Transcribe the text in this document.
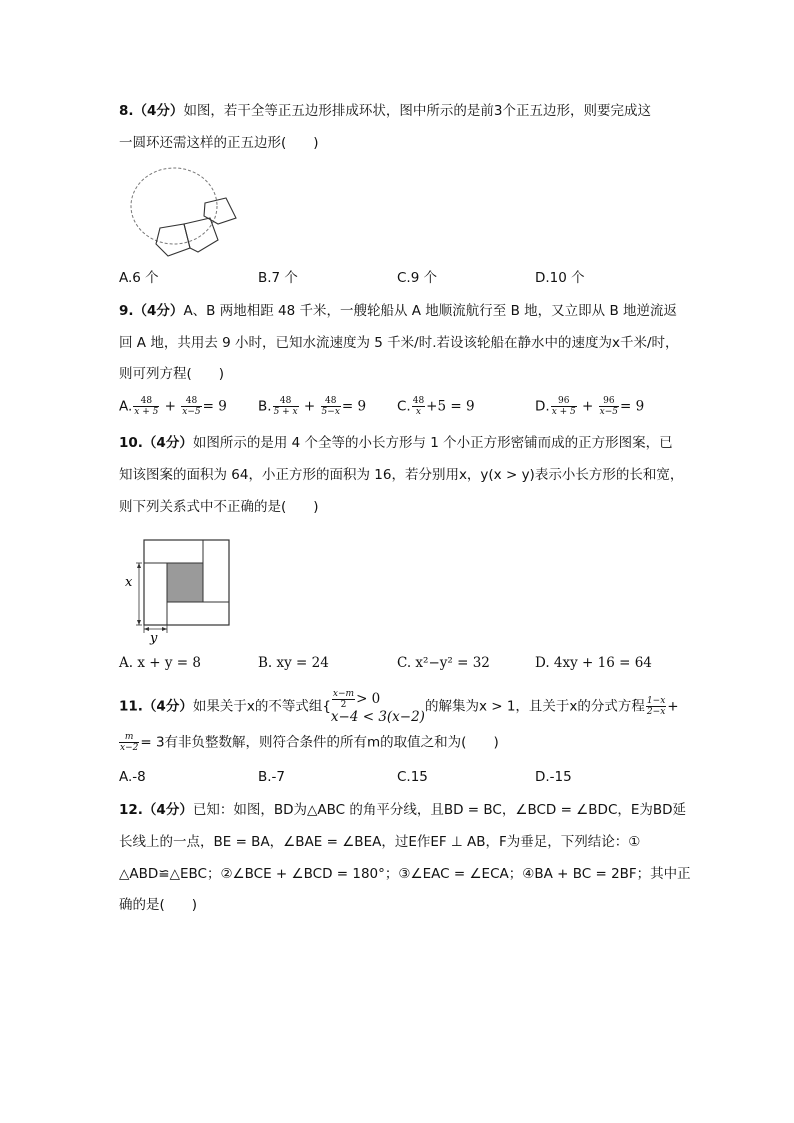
8.（4分）如图，若干全等正五边形排成环状，图中所示的是前3个正五边形，则要完成这
一圆环还需这样的正五边形(　　)
A.6 个	B.7 个	C.9 个	D.10 个
9.（4分）A、B 两地相距 48 千米，一艘轮船从 A 地顺流航行至 B 地，又立即从 B 地逆流返
回 A 地，共用去 9 小时，已知水流速度为 5 千米/时.若设该轮船在静水中的速度为x千米/时，
则可列方程(　　)
A. $\frac{48}{x + 5} + \frac{48}{x-5} = 9$ B. $\frac{48}{5 + x} + \frac{48}{5-x} = 9$ C. $\frac{48}{x} +5 = 9$	D. $\frac{96}{x + 5} + \frac{96}{x-5} = 9$
10.（4分）如图所示的是用 4 个全等的小长方形与 1 个小正方形密铺而成的正方形图案，已
知该图案的面积为 64，小正方形的面积为 16，若分别用x，y(x > y)表示小长方形的长和宽，
则下列关系式中不正确的是(　　)
x
y
A. x + y = 8	B. xy = 24	C. x²−y² = 32	D. 4xy + 16 = 64
11.（4分）如果关于x的不等式组{ $\frac{x-m}{2} > 0$
x−4 < 3(x−2)
的解集为x > 1，且关于x的分式方程 $\frac{1-x}{2-x}$ +
$\frac{m}{x-2} = 3$有非负整数解，则符合条件的所有m的取值之和为(　　)
A.-8	B.-7	C.15	D.-15
12.（4分）已知：如图，BD为△ABC 的角平分线，且BD = BC，∠BCD = ∠BDC，E为BD延
长线上的一点，BE = BA，∠BAE = ∠BEA，过E作EF ⊥ AB，F为垂足，下列结论：①
△ABD≌△EBC；②∠BCE + ∠BCD = 180°；③∠EAC = ∠ECA；④BA + BC = 2BF；其中正
确的是(　　)
